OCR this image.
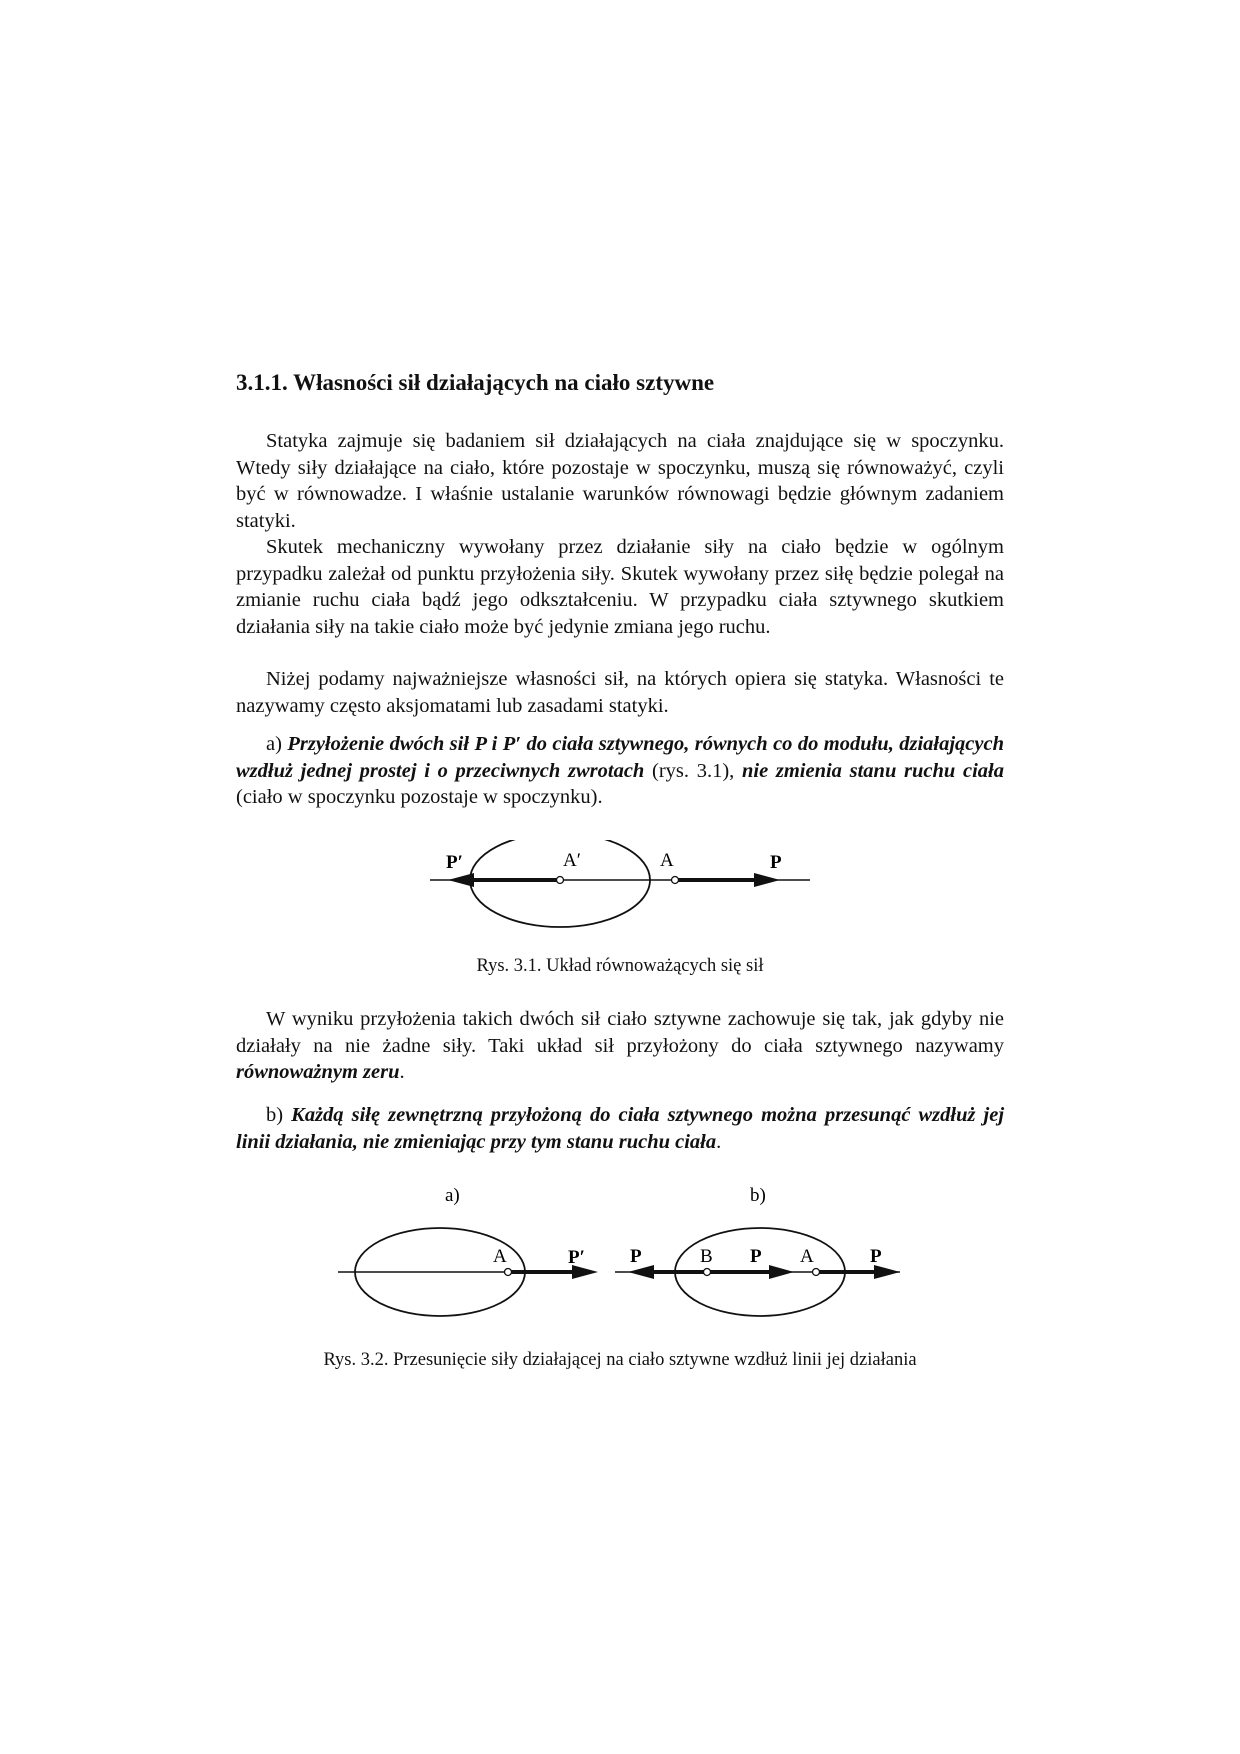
3.1.1. Własności sił działających na ciało sztywne

Statyka zajmuje się badaniem sił działających na ciała znajdujące się w spoczynku. Wtedy siły działające na ciało, które pozostaje w spoczynku, muszą się równoważyć, czyli być w równowadze. I właśnie ustalanie warunków równowagi będzie głównym zadaniem statyki.

Skutek mechaniczny wywołany przez działanie siły na ciało będzie w ogólnym przypadku zależał od punktu przyłożenia siły. Skutek wywołany przez siłę będzie polegał na zmianie ruchu ciała bądź jego odkształceniu. W przypadku ciała sztywnego skutkiem działania siły na takie ciało może być jedynie zmiana jego ruchu.

Niżej podamy najważniejsze własności sił, na których opiera się statyka. Własności te nazywamy często aksjomatami lub zasadami statyki.

a) Przyłożenie dwóch sił P i P′ do ciała sztywnego, równych co do modułu, działających wzdłuż jednej prostej i o przeciwnych zwrotach (rys. 3.1), nie zmienia stanu ruchu ciała (ciało w spoczynku pozostaje w spoczynku).

P′	A′	A	P

Rys. 3.1. Układ równoważących się sił

W wyniku przyłożenia takich dwóch sił ciało sztywne zachowuje się tak, jak gdyby nie działały na nie żadne siły. Taki układ sił przyłożony do ciała sztywnego nazywamy równoważnym zeru.

b) Każdą siłę zewnętrzną przyłożoną do ciała sztywnego można przesunąć wzdłuż jej linii działania, nie zmieniając przy tym stanu ruchu ciała.

a)	b)
A	P′ P	B P A	P

Rys. 3.2. Przesunięcie siły działającej na ciało sztywne wzdłuż linii jej działania
